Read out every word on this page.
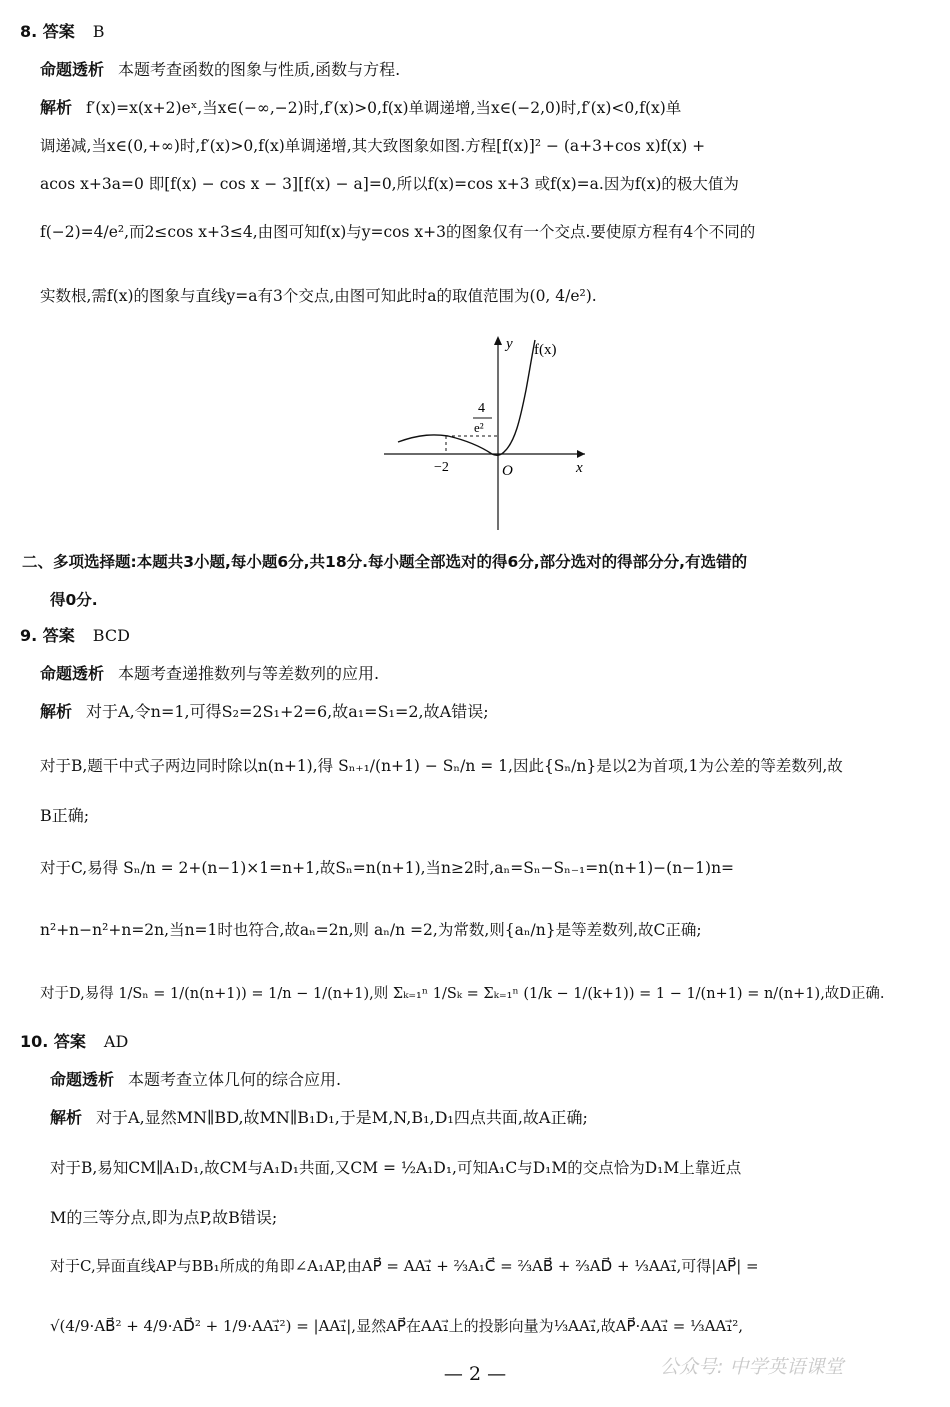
8. 答案 B
命题透析 本题考查函数的图象与性质,函数与方程.
解析 f′(x)=x(x+2)eˣ,当x∈(−∞,−2)时,f′(x)>0,f(x)单调递增,当x∈(−2,0)时,f′(x)<0,f(x)单
调递减,当x∈(0,+∞)时,f′(x)>0,f(x)单调递增,其大致图象如图.方程[f(x)]² − (a+3+cos x)f(x) +
acos x+3a=0 即[f(x) − cos x − 3][f(x) − a]=0,所以f(x)=cos x+3 或f(x)=a.因为f(x)的极大值为
f(−2)=4/e²,而2≤cos x+3≤4,由图可知f(x)与y=cos x+3的图象仅有一个交点.要使原方程有4个不同的
实数根,需f(x)的图象与直线y=a有3个交点,由图可知此时a的取值范围为(0, 4/e²).
y
x
O
f(x)
4
e²
−2
二、多项选择题:本题共3小题,每小题6分,共18分.每小题全部选对的得6分,部分选对的得部分分,有选错的
得0分.
9. 答案 BCD
命题透析 本题考查递推数列与等差数列的应用.
解析 对于A,令n=1,可得S₂=2S₁+2=6,故a₁=S₁=2,故A错误;
对于B,题干中式子两边同时除以n(n+1),得 Sₙ₊₁/(n+1) − Sₙ/n = 1,因此{Sₙ/n}是以2为首项,1为公差的等差数列,故
B正确;
对于C,易得 Sₙ/n = 2+(n−1)×1=n+1,故Sₙ=n(n+1),当n≥2时,aₙ=Sₙ−Sₙ₋₁=n(n+1)−(n−1)n=
n²+n−n²+n=2n,当n=1时也符合,故aₙ=2n,则 aₙ/n =2,为常数,则{aₙ/n}是等差数列,故C正确;
对于D,易得 1/Sₙ = 1/(n(n+1)) = 1/n − 1/(n+1),则 Σₖ₌₁ⁿ 1/Sₖ = Σₖ₌₁ⁿ (1/k − 1/(k+1)) = 1 − 1/(n+1) = n/(n+1),故D正确.
10. 答案 AD
命题透析 本题考查立体几何的综合应用.
解析 对于A,显然MN∥BD,故MN∥B₁D₁,于是M,N,B₁,D₁四点共面,故A正确;
对于B,易知CM∥A₁D₁,故CM与A₁D₁共面,又CM = ½A₁D₁,可知A₁C与D₁M的交点恰为D₁M上靠近点
M的三等分点,即为点P,故B错误;
对于C,异面直线AP与BB₁所成的角即∠A₁AP,由AP⃗ = AA₁⃗ + ⅔A₁C⃗ = ⅔AB⃗ + ⅔AD⃗ + ⅓AA₁⃗,可得|AP⃗| =
√(4/9·AB⃗² + 4/9·AD⃗² + 1/9·AA₁⃗²) = |AA₁⃗|,显然AP⃗在AA₁⃗上的投影向量为⅓AA₁⃗,故AP⃗·AA₁⃗ = ⅓AA₁⃗²,
— 2 —	公众号: 中学英语课堂
